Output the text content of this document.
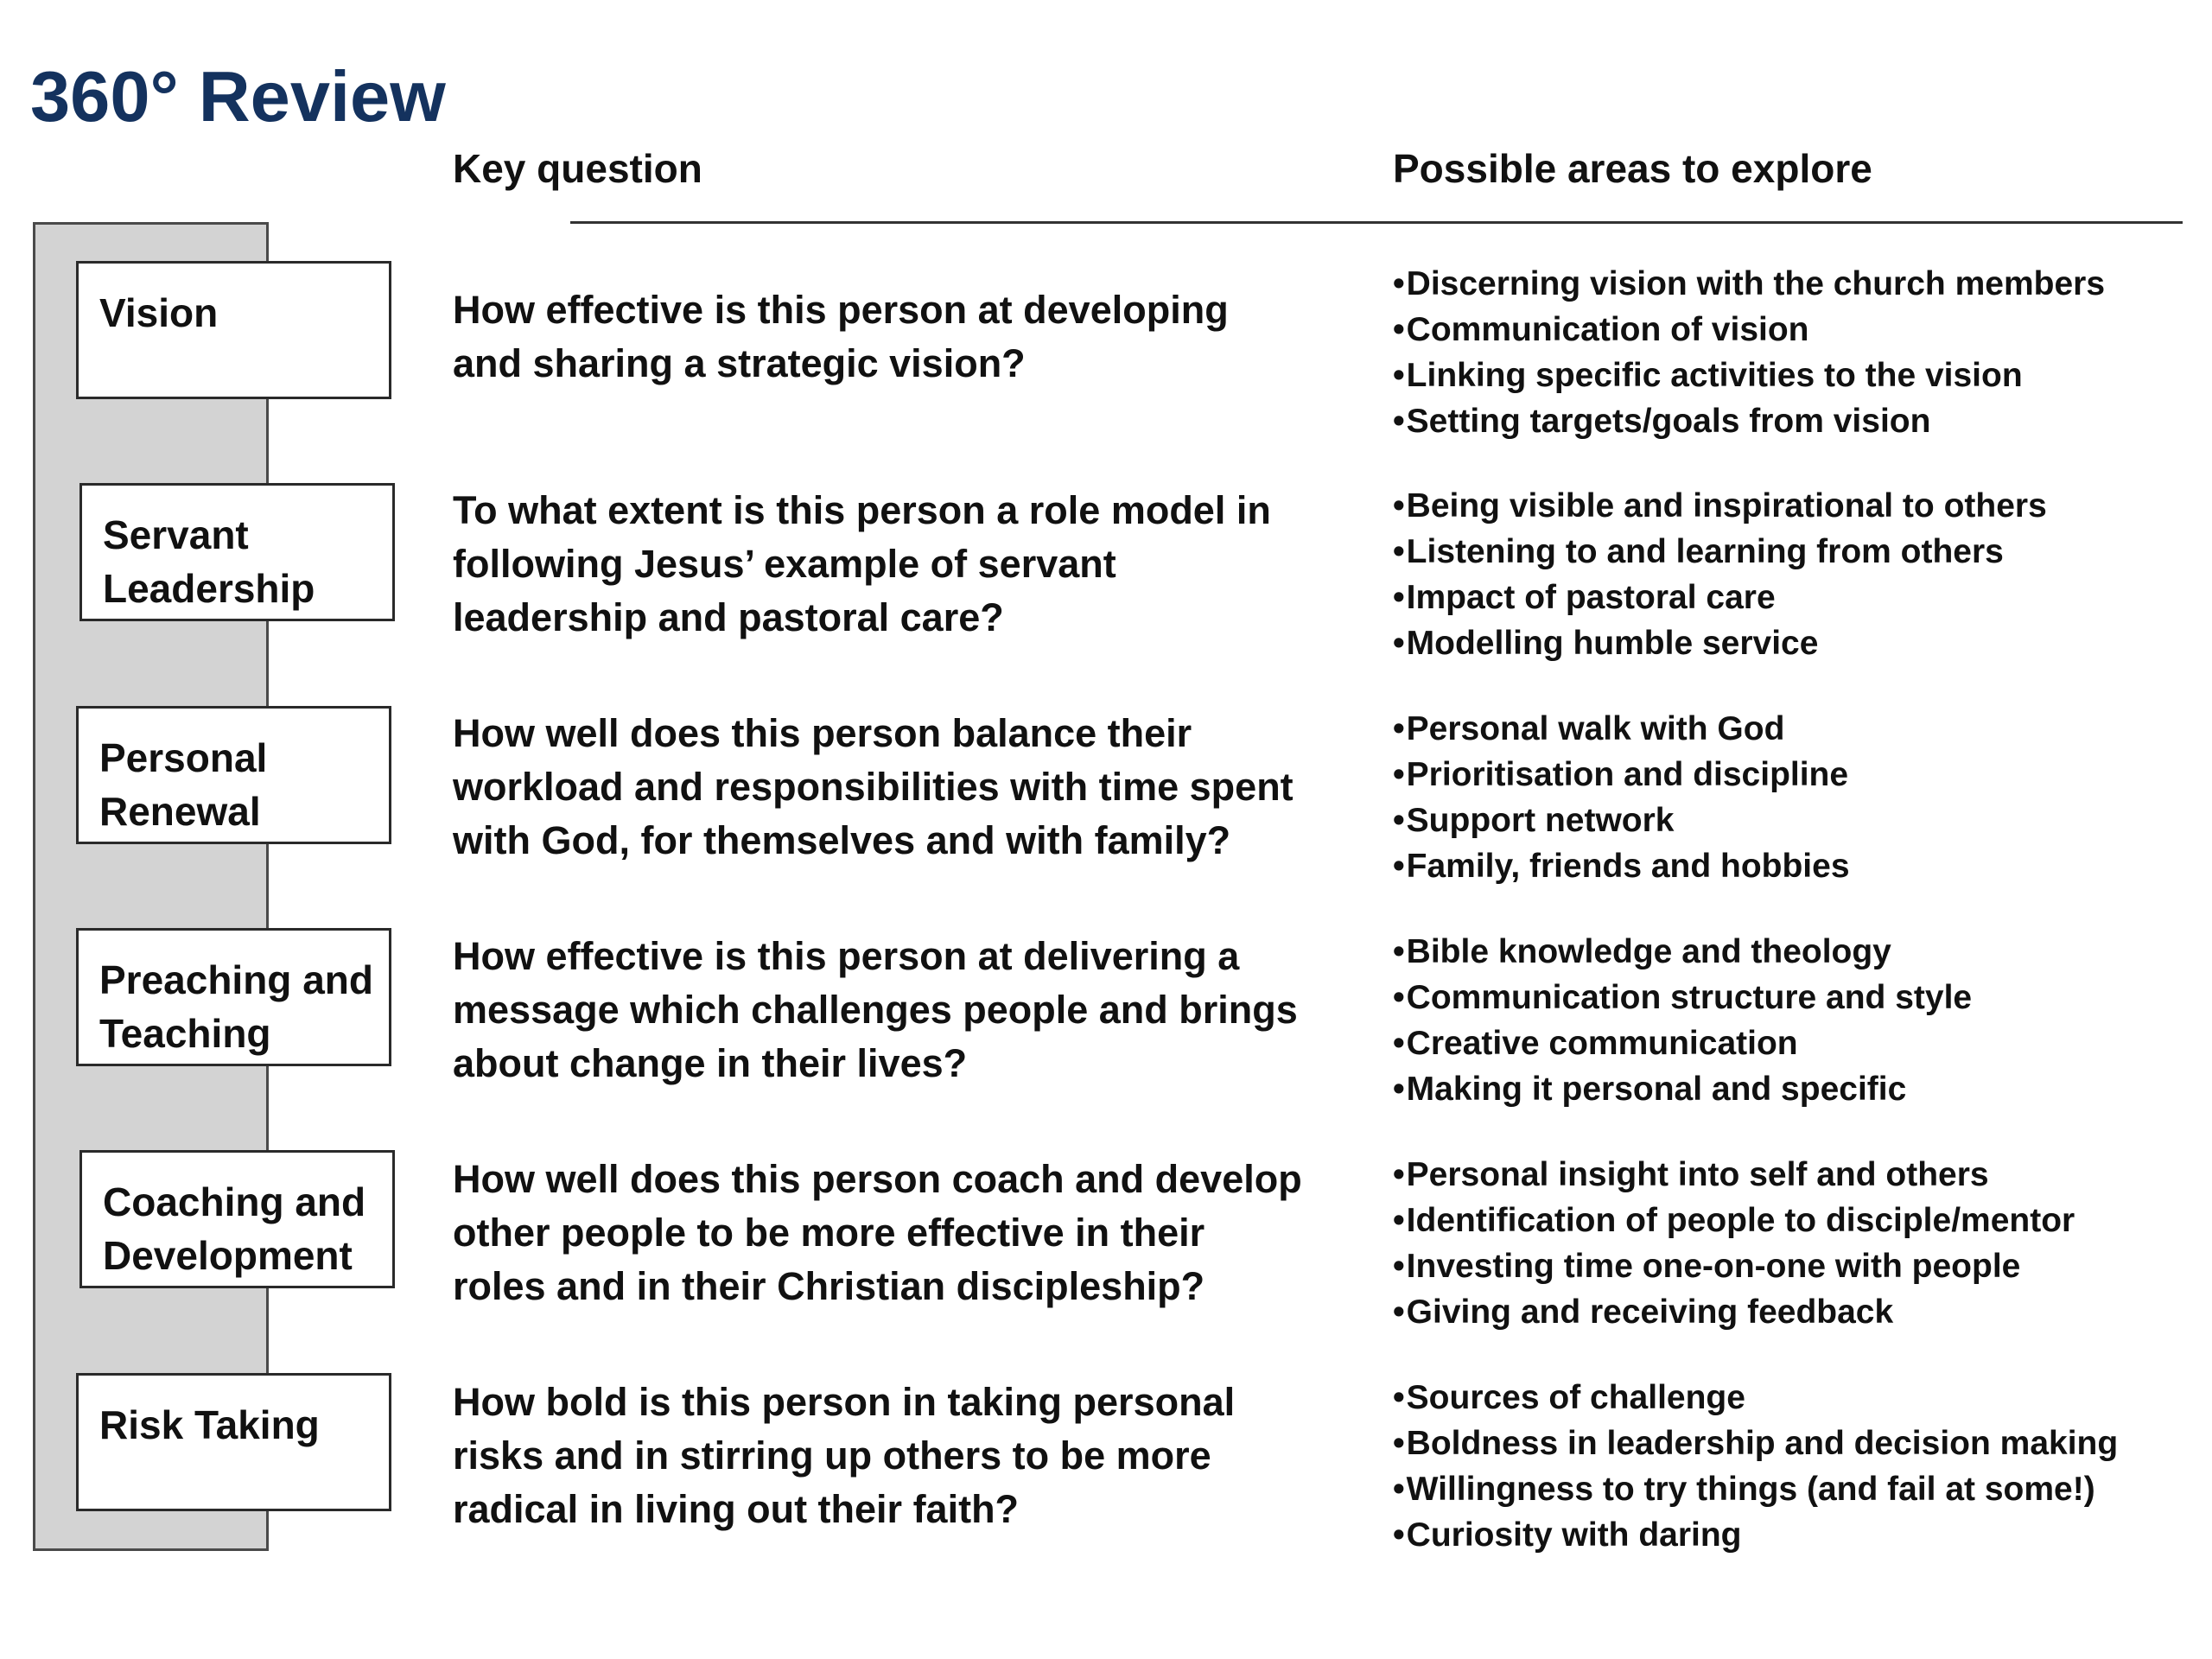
360° Review
Key question	Possible areas to explore
Vision	How effective is this person at developing
and sharing a strategic vision?
• Discerning vision with the church members
• Communication of vision
• Linking specific activities to the vision
• Setting targets/goals from vision
Servant
Leadership
To what extent is this person a role model in
following Jesus’ example of servant
leadership and pastoral care?
• Being visible and inspirational to others
• Listening to and learning from others
• Impact of pastoral care
• Modelling humble service
Personal
Renewal
How well does this person balance their
workload and responsibilities with time spent
with God, for themselves and with family?
• Personal walk with God
• Prioritisation and discipline
• Support network
• Family, friends and hobbies
Preaching and
Teaching
How effective is this person at delivering a
message which challenges people and brings
about change in their lives?
• Bible knowledge and theology
• Communication structure and style
• Creative communication
• Making it personal and specific
Coaching and
Development
How well does this person coach and develop
other people to be more effective in their
roles and in their Christian discipleship?
• Personal insight into self and others
• Identification of people to disciple/mentor
• Investing time one-on-one with people
• Giving and receiving feedback
Risk Taking
How bold is this person in taking personal
risks and in stirring up others to be more
radical in living out their faith?
• Sources of challenge
• Boldness in leadership and decision making
• Willingness to try things (and fail at some!)
• Curiosity with daring
